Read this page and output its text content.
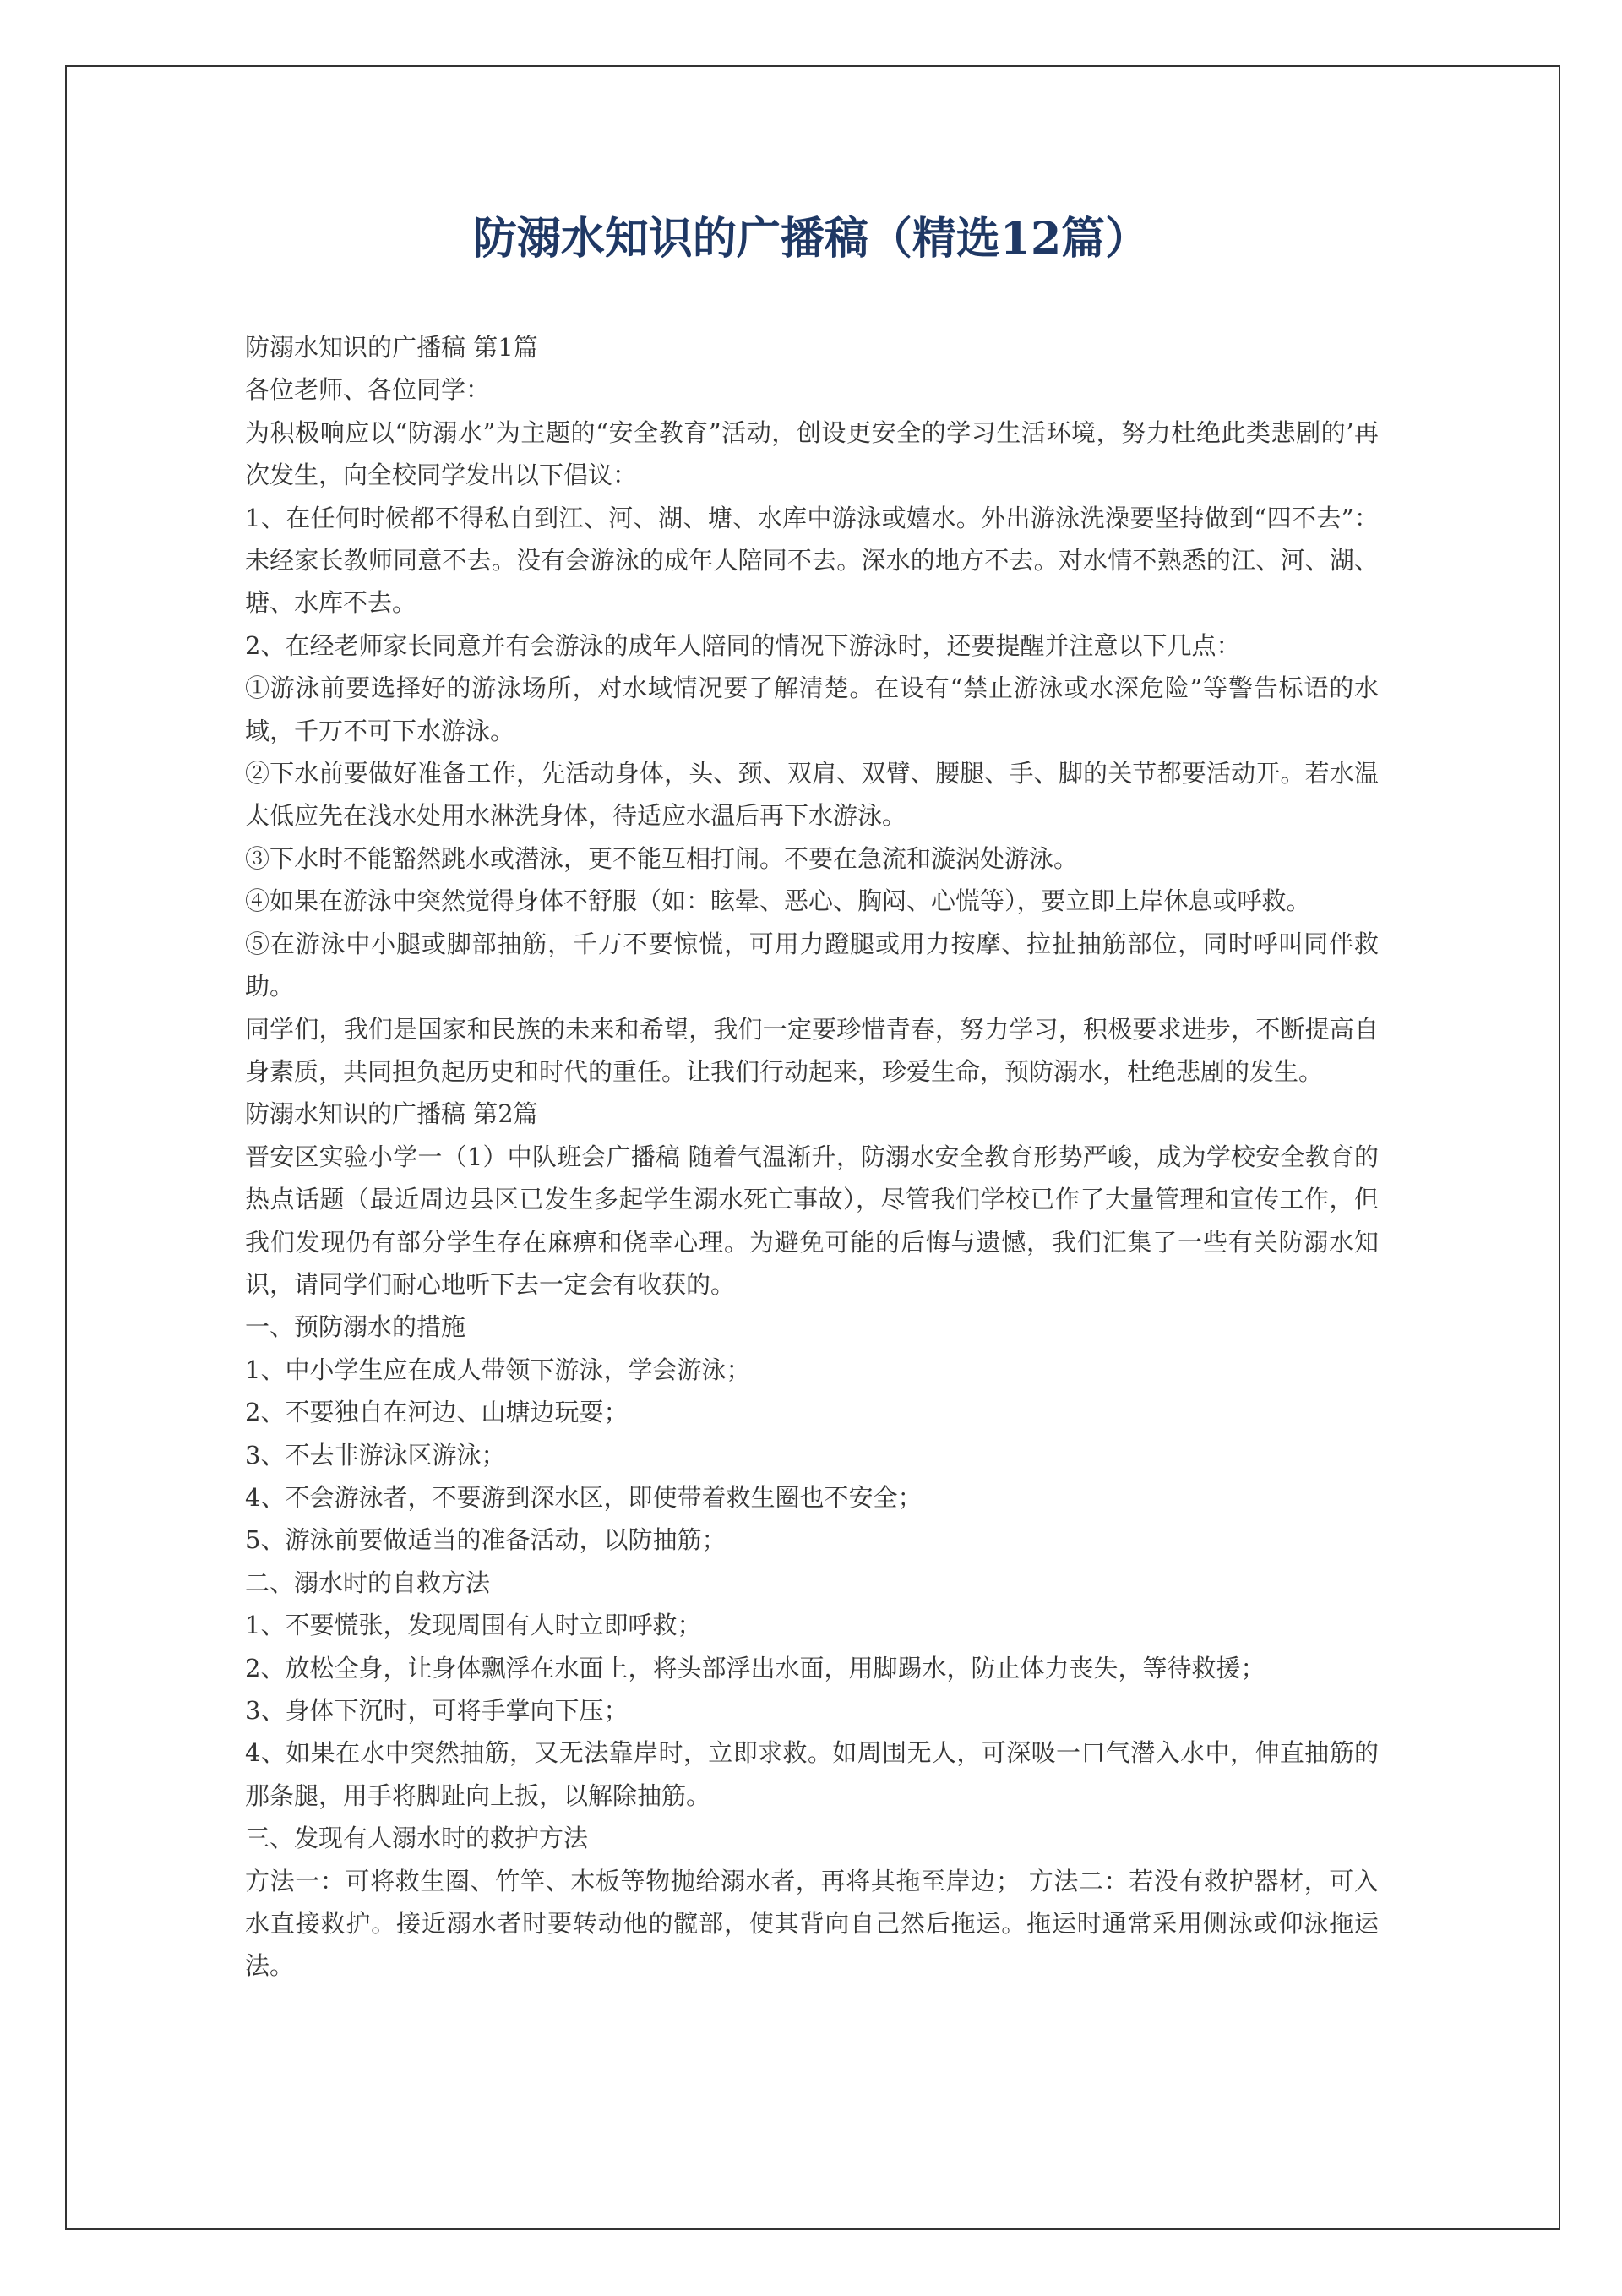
防溺水知识的广播稿（精选12篇）

防溺水知识的广播稿 第1篇

各位老师、各位同学：

为积极响应以“防溺水”为主题的“安全教育”活动，创设更安全的学习生活环境，努力杜绝此类悲剧的’再次发生，向全校同学发出以下倡议：

1、在任何时候都不得私自到江、河、湖、塘、水库中游泳或嬉水。外出游泳洗澡要坚持做到“四不去”：未经家长教师同意不去。没有会游泳的成年人陪同不去。深水的地方不去。对水情不熟悉的江、河、湖、塘、水库不去。

2、在经老师家长同意并有会游泳的成年人陪同的情况下游泳时，还要提醒并注意以下几点：

①游泳前要选择好的游泳场所，对水域情况要了解清楚。在设有“禁止游泳或水深危险”等警告标语的水域，千万不可下水游泳。

②下水前要做好准备工作，先活动身体，头、颈、双肩、双臂、腰腿、手、脚的关节都要活动开。若水温太低应先在浅水处用水淋洗身体，待适应水温后再下水游泳。

③下水时不能豁然跳水或潜泳，更不能互相打闹。不要在急流和漩涡处游泳。

④如果在游泳中突然觉得身体不舒服（如：眩晕、恶心、胸闷、心慌等），要立即上岸休息或呼救。

⑤在游泳中小腿或脚部抽筋，千万不要惊慌，可用力蹬腿或用力按摩、拉扯抽筋部位，同时呼叫同伴救助。

同学们，我们是国家和民族的未来和希望，我们一定要珍惜青春，努力学习，积极要求进步，不断提高自身素质，共同担负起历史和时代的重任。让我们行动起来，珍爱生命，预防溺水，杜绝悲剧的发生。

防溺水知识的广播稿 第2篇

晋安区实验小学一（1）中队班会广播稿 随着气温渐升，防溺水安全教育形势严峻，成为学校安全教育的热点话题（最近周边县区已发生多起学生溺水死亡事故），尽管我们学校已作了大量管理和宣传工作，但我们发现仍有部分学生存在麻痹和侥幸心理。为避免可能的后悔与遗憾，我们汇集了一些有关防溺水知识，请同学们耐心地听下去一定会有收获的。

一、预防溺水的措施

1、中小学生应在成人带领下游泳，学会游泳；

2、不要独自在河边、山塘边玩耍；

3、不去非游泳区游泳；

4、不会游泳者，不要游到深水区，即使带着救生圈也不安全；

5、游泳前要做适当的准备活动，以防抽筋；

二、溺水时的自救方法

1、不要慌张，发现周围有人时立即呼救；

2、放松全身，让身体飘浮在水面上，将头部浮出水面，用脚踢水，防止体力丧失，等待救援；

3、身体下沉时，可将手掌向下压；

4、如果在水中突然抽筋，又无法靠岸时，立即求救。如周围无人，可深吸一口气潜入水中，伸直抽筋的那条腿，用手将脚趾向上扳，以解除抽筋。

三、发现有人溺水时的救护方法

方法一：可将救生圈、竹竿、木板等物抛给溺水者，再将其拖至岸边； 方法二：若没有救护器材，可入水直接救护。接近溺水者时要转动他的髋部，使其背向自己然后拖运。拖运时通常采用侧泳或仰泳拖运法。
